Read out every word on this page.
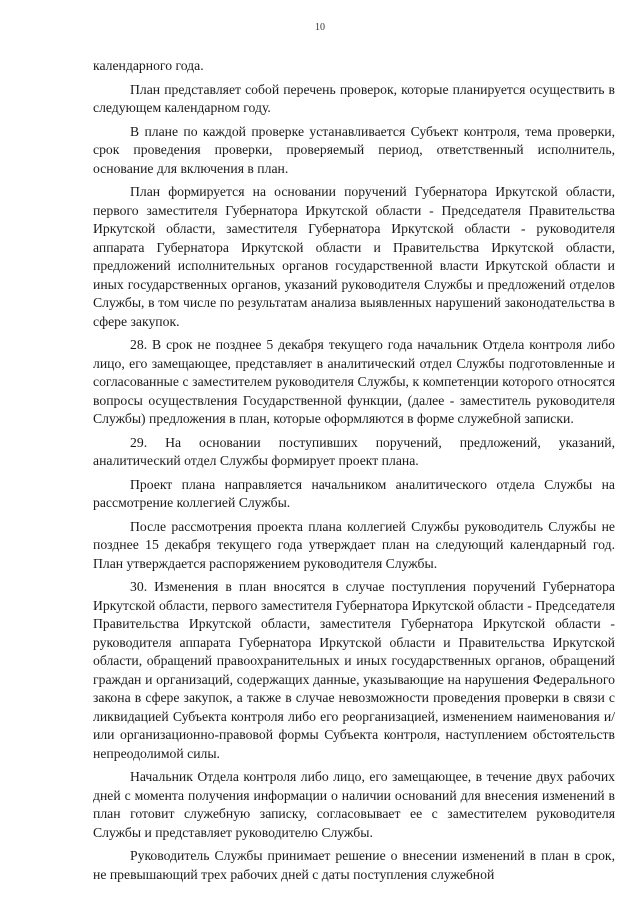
10

календарного года.

План представляет собой перечень проверок, которые планируется осуществить в следующем календарном году.

В плане по каждой проверке устанавливается Субъект контроля, тема проверки, срок проведения проверки, проверяемый период, ответственный исполнитель, основание для включения в план.

План формируется на основании поручений Губернатора Иркутской области, первого заместителя Губернатора Иркутской области - Председателя Правительства Иркутской области, заместителя Губернатора Иркутской области - руководителя аппарата Губернатора Иркутской области и Правительства Иркутской области, предложений исполнительных органов государственной власти Иркутской области и иных государственных органов, указаний руководителя Службы и предложений отделов Службы, в том числе по результатам анализа выявленных нарушений законодательства в сфере закупок.

28. В срок не позднее 5 декабря текущего года начальник Отдела контроля либо лицо, его замещающее, представляет в аналитический отдел Службы подготовленные и согласованные с заместителем руководителя Службы, к компетенции которого относятся вопросы осуществления Государственной функции, (далее - заместитель руководителя Службы) предложения в план, которые оформляются в форме служебной записки.

29. На основании поступивших поручений, предложений, указаний, аналитический отдел Службы формирует проект плана.

Проект плана направляется начальником аналитического отдела Службы на рассмотрение коллегией Службы.

После рассмотрения проекта плана коллегией Службы руководитель Службы не позднее 15 декабря текущего года утверждает план на следующий календарный год. План утверждается распоряжением руководителя Службы.

30. Изменения в план вносятся в случае поступления поручений Губернатора Иркутской области, первого заместителя Губернатора Иркутской области - Председателя Правительства Иркутской области, заместителя Губернатора Иркутской области - руководителя аппарата Губернатора Иркутской области и Правительства Иркутской области, обращений правоохранительных и иных государственных органов, обращений граждан и организаций, содержащих данные, указывающие на нарушения Федерального закона в сфере закупок, а также в случае невозможности проведения проверки в связи с ликвидацией Субъекта контроля либо его реорганизацией, изменением наименования и/или организационно-правовой формы Субъекта контроля, наступлением обстоятельств непреодолимой силы.

Начальник Отдела контроля либо лицо, его замещающее, в течение двух рабочих дней с момента получения информации о наличии оснований для внесения изменений в план готовит служебную записку, согласовывает ее с заместителем руководителя Службы и представляет руководителю Службы.

Руководитель Службы принимает решение о внесении изменений в план в срок, не превышающий трех рабочих дней с даты поступления служебной
